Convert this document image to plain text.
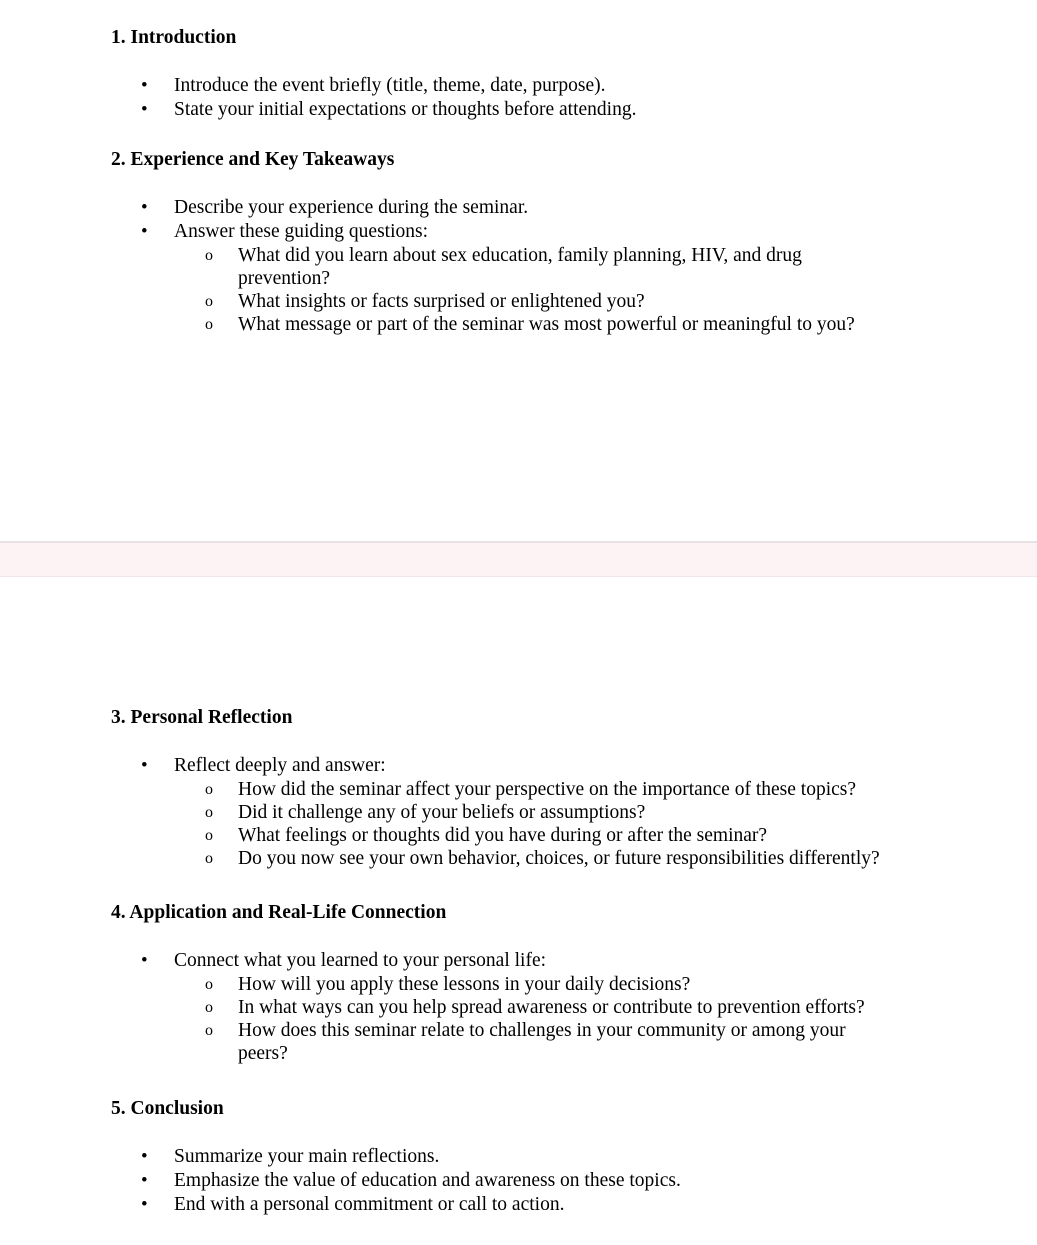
1. Introduction
• Introduce the event briefly (title, theme, date, purpose).
• State your initial expectations or thoughts before attending.
2. Experience and Key Takeaways
• Describe your experience during the seminar.
• Answer these guiding questions:
o What did you learn about sex education, family planning, HIV, and drug prevention?
o What insights or facts surprised or enlightened you?
o What message or part of the seminar was most powerful or meaningful to you?
3. Personal Reflection
• Reflect deeply and answer:
o How did the seminar affect your perspective on the importance of these topics?
o Did it challenge any of your beliefs or assumptions?
o What feelings or thoughts did you have during or after the seminar?
o Do you now see your own behavior, choices, or future responsibilities differently?
4. Application and Real-Life Connection
• Connect what you learned to your personal life:
o How will you apply these lessons in your daily decisions?
o In what ways can you help spread awareness or contribute to prevention efforts?
o How does this seminar relate to challenges in your community or among your peers?
5. Conclusion
• Summarize your main reflections.
• Emphasize the value of education and awareness on these topics.
• End with a personal commitment or call to action.
